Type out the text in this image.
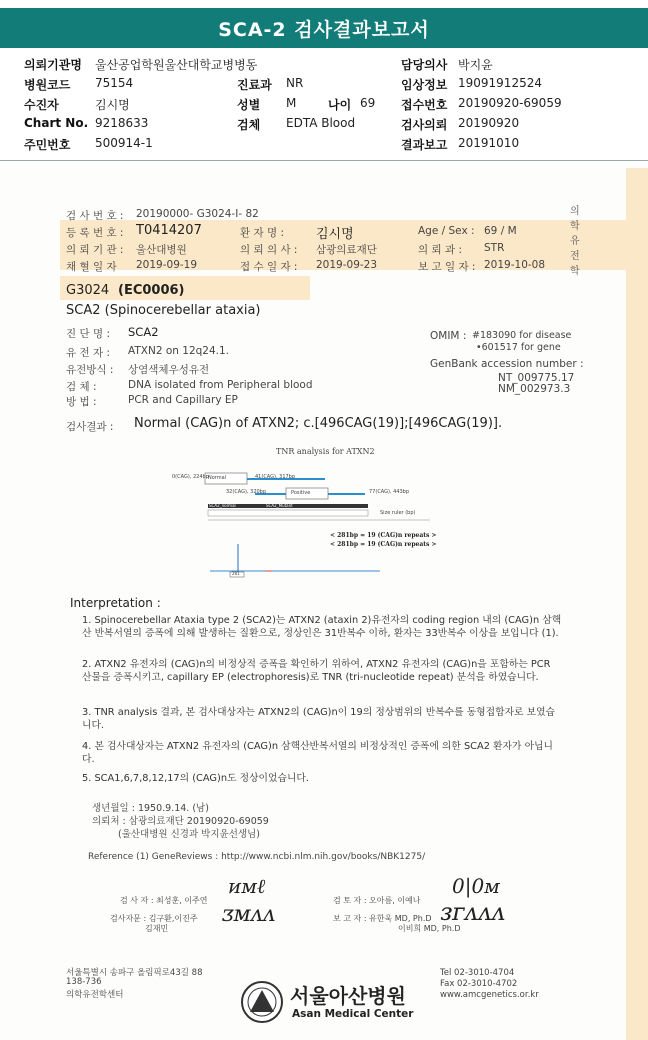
SCA-2 검사결과보고서
의뢰기관명 울산공업학원울산대학교병병동
병원코드 75154
수진자	김시명
Chart No. 9218633
주민번호 500914-1
진료과 NR
성별 M	나이 69
검체 EDTA Blood
담당의사 박지윤
임상정보 19091912524
접수번호 20190920-69059
검사의뢰 20190920
결과보고 20191010
의학유전학
검 사 번 호 : 20190000- G3024-I- 82
등 록 번 호 : T0414207	환 자 명 : 김시명	Age / Sex : 69 / M
의 뢰 기 관 : 울산대병원	의 뢰 의 사 : 삼광의료재단	의 뢰 과 : STR
채 혈 일 자 2019-09-19	접 수 일 자 : 2019-09-23	보 고 일 자 : 2019-10-08
G3024 (EC0006)
SCA2 (Spinocerebellar ataxia)
진 단 명 : SCA2
유 전 자 : ATXN2 on 12q24.1.
유전방식 : 상염색체우성유전
검 체 :	DNA isolated from Peripheral blood
방 법 :	PCR and Capillary EP
OMIM : #183090 for disease
•601517 for gene
GenBank accession number :
NT_009775.17
NM_002973.3
검사결과 : Normal (CAG)n of ATXN2; c.[496CAG(19)];[496CAG(19)].
TNR analysis for ATXN2
0(CAG), 224bp Normal	41(CAG), 317bp
32(CAG), 320bp	Positive	77(CAG), 443bp
SCA2_normal	SCA2_Mutant
Size ruler (bp)
< 281bp = 19 (CAG)n repeats >
< 281bp = 19 (CAG)n repeats >
281
Interpretation :
1. Spinocerebellar Ataxia type 2 (SCA2)는 ATXN2 (ataxin 2)유전자의 coding region 내의 (CAG)n 삼핵산 반복서열의 증폭에 의해 발생하는 질환으로, 정상인은 31반복수 이하, 환자는 33반복수 이상을 보입니다 (1).
2. ATXN2 유전자의 (CAG)n의 비정상적 증폭을 확인하기 위하여, ATXN2 유전자의 (CAG)n을 포함하는 PCR 산물을 증폭시키고, capillary EP (electrophoresis)로 TNR (tri-nucleotide repeat) 분석을 하였습니다.
3. TNR analysis 결과, 본 검사대상자는 ATXN2의 (CAG)n이 19의 정상범위의 반복수를 동형접합자로 보였습니다.
4. 본 검사대상자는 ATXN2 유전자의 (CAG)n 삼핵산반복서열의 비정상적인 증폭에 의한 SCA2 환자가 아닙니다.
5. SCA1,6,7,8,12,17의 (CAG)n도 정상이었습니다.
생년월일 : 1950.9.14. (남)
의뢰처 : 삼광의료재단 20190920-69059
(울산대병원 신경과 박지윤선생님)
Reference (1) GeneReviews : http://www.ncbi.nlm.nih.gov/books/NBK1275/
검 사 자 : 최성훈, 이주연
ᴎᴍℓ
검 토 자 : 오아름, 이예나
0|0ᴍ
검사자문 : 김구환,이진주
김재민
ᴣᴍᴧᴧ	보 고 자 : 유한욱 MD, Ph.D
이비희 MD, Ph.D
ᴈᴦᴧᴧᴧ
서울특별시 송파구 올림픽로43길 88
138-736
의학유전학센터	서울아산병원
Asan Medical Center
Tel 02-3010-4704
Fax 02-3010-4702
www.amcgenetics.or.kr
